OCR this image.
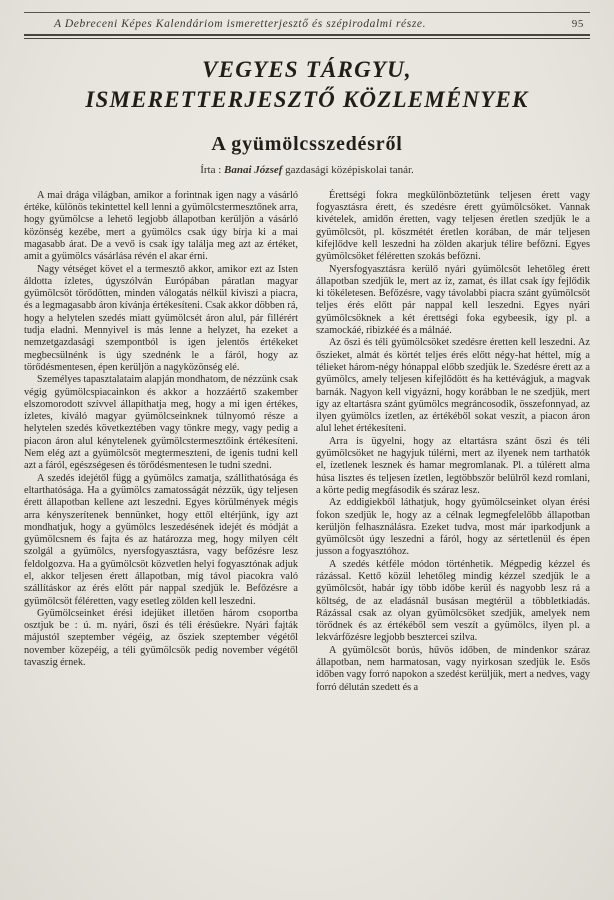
A Debreceni Képes Kalendáriom ismeretterjesztő és szépirodalmi része.	95
VEGYES TÁRGYU,
ISMERETTERJESZTŐ KÖZLEMÉNYEK
A gyümölcsszedésről

Írta : Banai József gazdasági középiskolai tanár.

A mai drága világban, amikor a forintnak igen nagy a vásárló értéke, különös tekintettel kell lenni a gyümölcstermesztőnek arra, hogy gyümölcse a lehető legjobb állapotban kerüljön a vásárló közönség kezébe, mert a gyümölcs csak úgy bírja ki a mai magasabb árat. De a vevő is csak így találja meg azt az értéket, amit a gyümölcs vásárlása révén el akar érni.

Nagy vétséget követ el a termesztő akkor, amikor ezt az Isten áldotta ízletes, úgyszólván Európában páratlan magyar gyümölcsöt törődötten, minden válogatás nélkül kiviszi a piacra, és a legmagasabb áron kívánja értékesíteni. Csak akkor döbben rá, hogy a helytelen szedés miatt gyümölcsét áron alul, pár fillérért tudja eladni. Mennyivel is más lenne a helyzet, ha ezeket a nemzetgazdasági szempontból is igen jelentős értékeket megbecsülnénk is úgy szednénk le a fáról, hogy az törődésmentesen, épen kerüljön a nagyközönség elé.

Személyes tapasztalataim alapján mondhatom, de nézzünk csak végig gyümölcspiacainkon és akkor a hozzáértő szakember elszomorodott szívvel állapíthatja meg, hogy a mi igen értékes, ízletes, kiváló magyar gyümölcseinknek túlnyomó része a helytelen szedés következtében vagy tönkre megy, vagy pedig a piacon áron alul kénytelenek gyümölcstermesztőink értékesíteni. Nem elég azt a gyümölcsöt megtermeszteni, de igenis tudni kell azt a fáról, egészségesen és törődésmentesen le tudni szedni.

A szedés idejétől függ a gyümölcs zamatja, szállíthatósága és eltarthatósága. Ha a gyümölcs zamatosságát nézzük, úgy teljesen érett állapotban kellene azt leszedni. Egyes körülmények mégis arra kényszerítenek bennünket, hogy ettől eltérjünk, így azt mondhatjuk, hogy a gyümölcs leszedésének idejét és módját a gyümölcsnem és fajta és az határozza meg, hogy milyen célt szolgál a gyümölcs, nyersfogyasztásra, vagy befőzésre lesz feldolgozva. Ha a gyümölcsöt közvetlen helyi fogyasztónak adjuk el, akkor teljesen érett állapotban, míg távol piacokra való szállításkor az érés előtt pár nappal szedjük le. Befőzésre a gyümölcsöt féléretten, vagy esetleg zölden kell leszedni.

Gyümölcseinket érési idejüket illetően három csoportba osztjuk be : ú. m. nyári, őszi és téli érésűekre. Nyári fajták májustól szeptember végéig, az ősziek szeptember végétől november közepéig, a téli gyümölcsök pedig november végétől tavaszig érnek.

Érettségi fokra megkülönböztetünk teljesen érett vagy fogyasztásra érett, és szedésre érett gyümölcsöket. Vannak kivételek, amidőn éretten, vagy teljesen éretlen szedjük le a gyümölcsöt, pl. köszmétét éretlen korában, de már teljesen kifejlődve kell leszedni ha zölden akarjuk télire befőzni. Egyes gyümölcsöket féléretten szokás befőzni.

Nyersfogyasztásra kerülő nyári gyümölcsöt lehetőleg érett állapotban szedjük le, mert az íz, zamat, és illat csak így fejlődik ki tökéletesen. Befőzésre, vagy távolabbi piacra szánt gyümölcsöt teljes érés előtt pár nappal kell leszedni. Egyes nyári gyümölcsöknek a két érettségi foka egybeesik, így pl. a szamockáé, ribizkéé és a málnáé.

Az őszi és téli gyümölcsöket szedésre éretten kell leszedni. Az őszieket, almát és körtét teljes érés előtt négy-hat héttel, míg a télieket három-négy hónappal előbb szedjük le. Szedésre érett az a gyümölcs, amely teljesen kifejlődött és ha kettévágjuk, a magvak barnák. Nagyon kell vigyázni, hogy korábban le ne szedjük, mert így az eltartásra szánt gyümölcs megráncosodik, összefonnyad, az ilyen gyümölcs ízetlen, az értékéből sokat veszít, a piacon áron alul lehet értékesíteni.

Arra is ügyelni, hogy az eltartásra szánt őszi és téli gyümölcsöket ne hagyjuk túlérni, mert az ilyenek nem tarthatók el, ízetlenek lesznek és hamar megromlanak. Pl. a túlérett alma húsa lisztes és teljesen ízetlen, legtöbbször belülről kezd romlani, a körte pedig megfásodik és száraz lesz.

Az eddigiekből láthatjuk, hogy gyümölcseinket olyan érési fokon szedjük le, hogy az a célnak legmegfelelőbb állapotban kerüljön felhasználásra. Ezeket tudva, most már iparkodjunk a gyümölcsöt úgy leszedni a fáról, hogy az sértetlenül és épen jusson a fogyasztóhoz.

A szedés kétféle módon történhetik. Mégpedig kézzel és rázással. Kettő közül lehetőleg mindig kézzel szedjük le a gyümölcsöt, habár így több időbe kerül és nagyobb lesz rá a költség, de az eladásnál busásan megtérül a többletkiadás. Rázással csak az olyan gyümölcsöket szedjük, amelyek nem törődnek és az értékéből sem veszít a gyümölcs, ilyen pl. a lekvárfőzésre legjobb besztercei szilva.

A gyümölcsöt borús, hűvös időben, de mindenkor száraz állapotban, nem harmatosan, vagy nyirkosan szedjük le. Esős időben vagy forró napokon a szedést kerüljük, mert a nedves, vagy forró délután szedett és a
